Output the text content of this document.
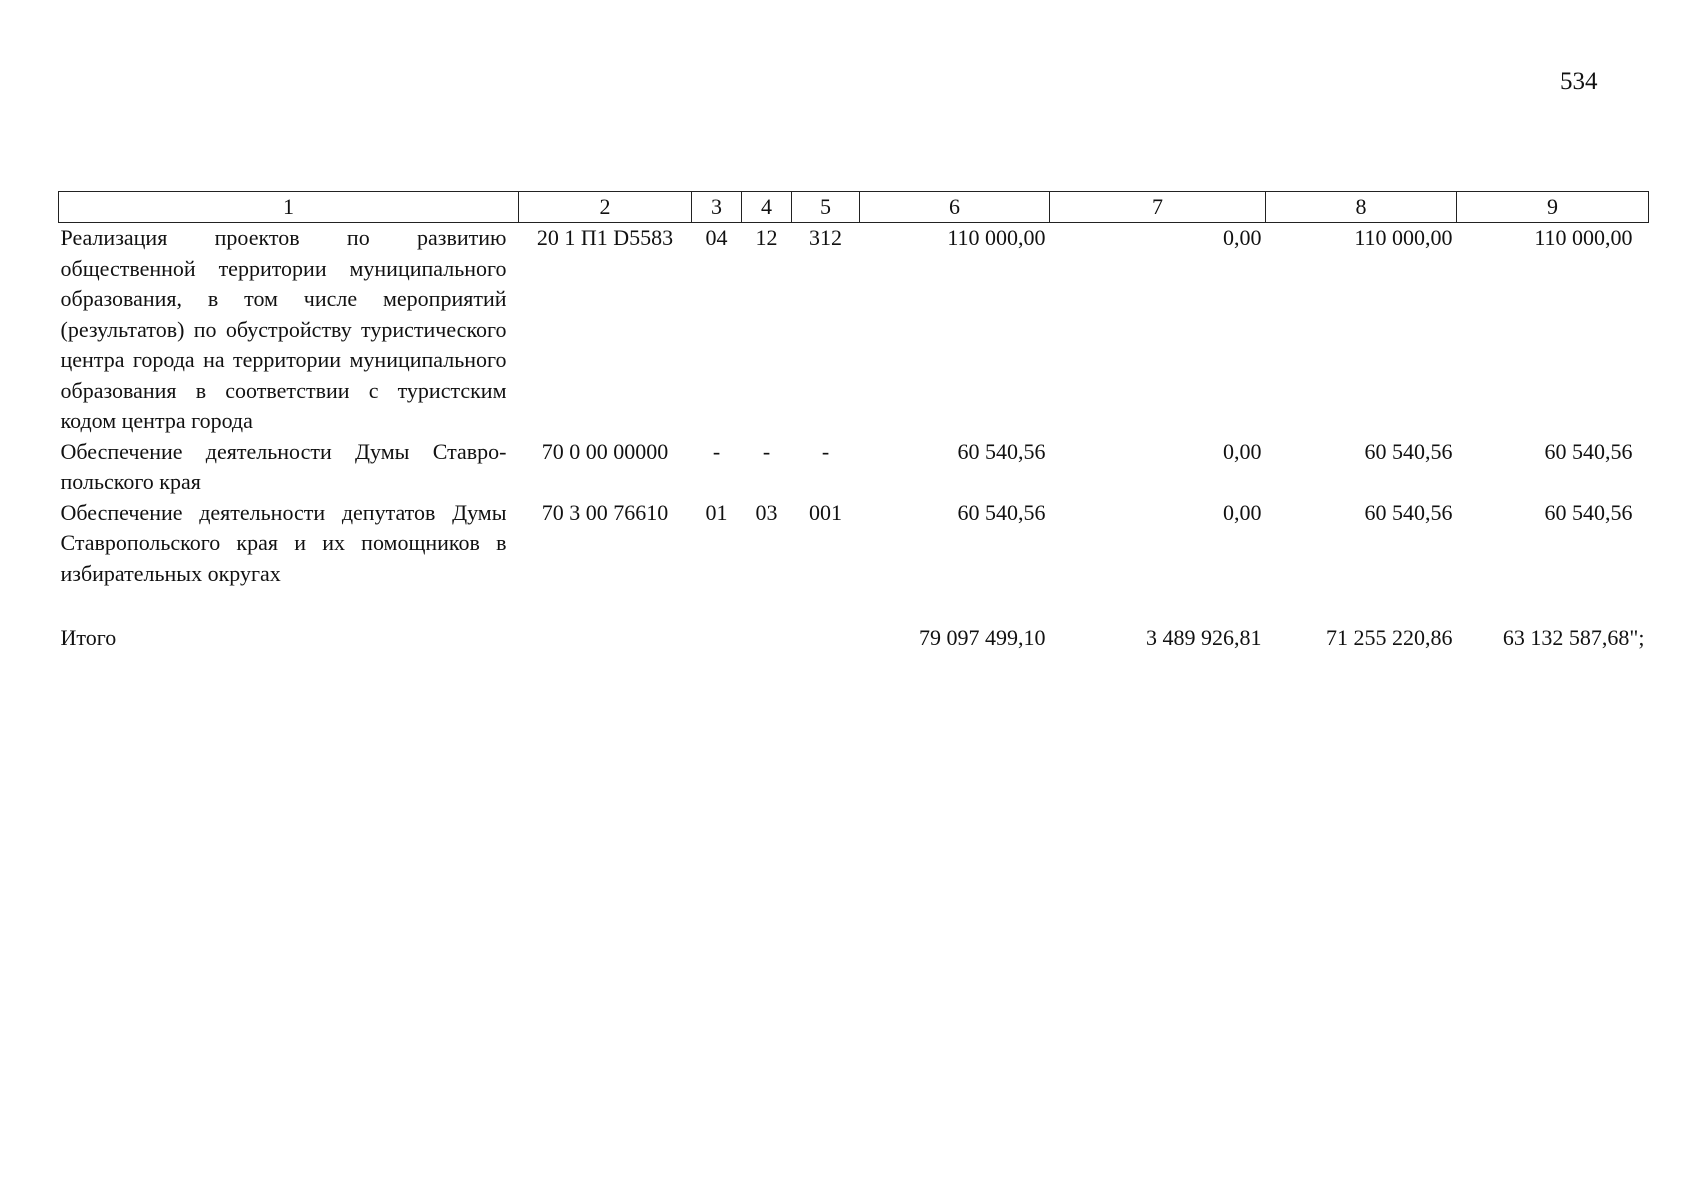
534
1	2	3	4	5	6	7	8	9
Реализация проектов по развитию общественной территории муниципального образования, в том числе мероприятий (результатов) по обустройству туристического центра города на территории муниципального образования в соответствии с туристским кодом центра города	20 1 П1 D5583	04	12	312	110 000,00	0,00	110 000,00	110 000,00
Обеспечение деятельности Думы Ставро-польского края	70 0 00 00000	-	-	-	60 540,56	0,00	60 540,56	60 540,56
Обеспечение деятельности депутатов Думы Ставропольского края и их помощников в избирательных округах	70 3 00 76610	01	03	001	60 540,56	0,00	60 540,56	60 540,56

Итого					79 097 499,10	3 489 926,81	71 255 220,86	63 132 587,68";
